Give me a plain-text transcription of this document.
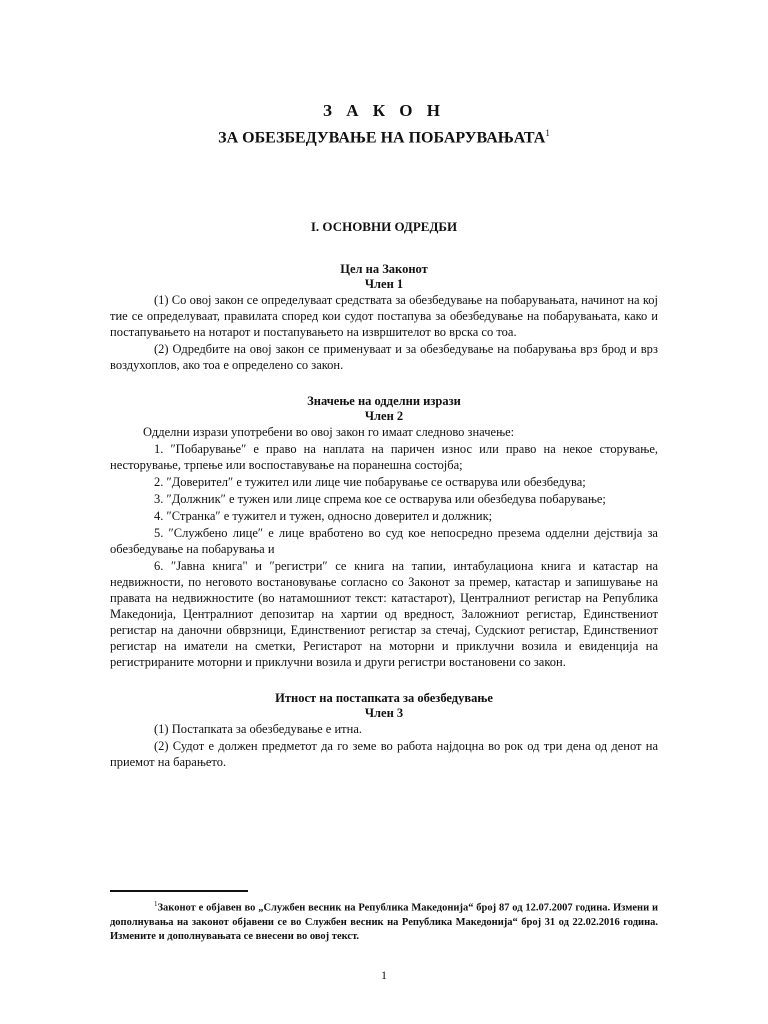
З А К О Н

ЗА ОБЕЗБЕДУВАЊЕ НА ПОБАРУВАЊАТА$^1$

I. ОСНОВНИ ОДРЕДБИ

Цел на Законот

Член 1

(1) Со овој закон се определуваат средствата за обезбедување на побарувањата, начинот на кој тие се определуваат, правилата според кои судот постапува за обезбедување на побарувањата, како и постапувањето на нотарот и постапувањето на извршителот во врска со тоа.

(2) Одредбите на овој закон се применуваат и за обезбедување на побарувања врз брод и врз воздухоплов, ако тоа е определено со закон.

Значење на одделни изрази

Член 2

Одделни изрази употребени во овој закон го имаат следново значење:

1. ″Побарување″ е право на наплата на паричен износ или право на некое сторување, несторување, трпење или воспоставување на поранешна состојба;

2. ″Доверител″ е тужител или лице чие побарување се остварува или обезбедува;

3. ″Должник″ е тужен или лице спрема кое се остварува или обезбедува побарување;

4. ″Странка″ е тужител и тужен, односно доверител и должник;

5. ″Службено лице″ е лице вработено во суд кое непосредно презема одделни дејствија за обезбедување на побарувања и

6. ″Јавна книга" и ″регистри″ се книга на тапии, интабулациона книга и катастар на недвижности, по неговото востановување согласно со Законот за премер, катастар и запишување на правата на недвижностите (во натамошниот текст: катастарот), Централниот регистар на Република Македонија, Централниот депозитар на хартии од вредност, Заложниот регистар, Единствениот регистар на даночни обврзници, Единствениот регистар за стечај, Судскиот регистар, Единствениот регистар на иматели на сметки, Регистарот на моторни и приклучни возила и евиденција на регистрираните моторни и приклучни возила и други регистри востановени со закон.

Итност на постапката за обезбедување

Член 3

(1) Постапката за обезбедување е итна.

(2) Судот е должен предметот да го земе во работа најдоцна во рок од три дена од денот на приемот на барањето.

$^1$Законот е објавен во „Службен весник на Република Македонија“ број 87 од 12.07.2007 година. Измени и дополнувања на законот објавени се во Службен весник на Република Македонија“ број 31 од 22.02.2016 година. Измените и дополнувањата се внесени во овој текст.

1
